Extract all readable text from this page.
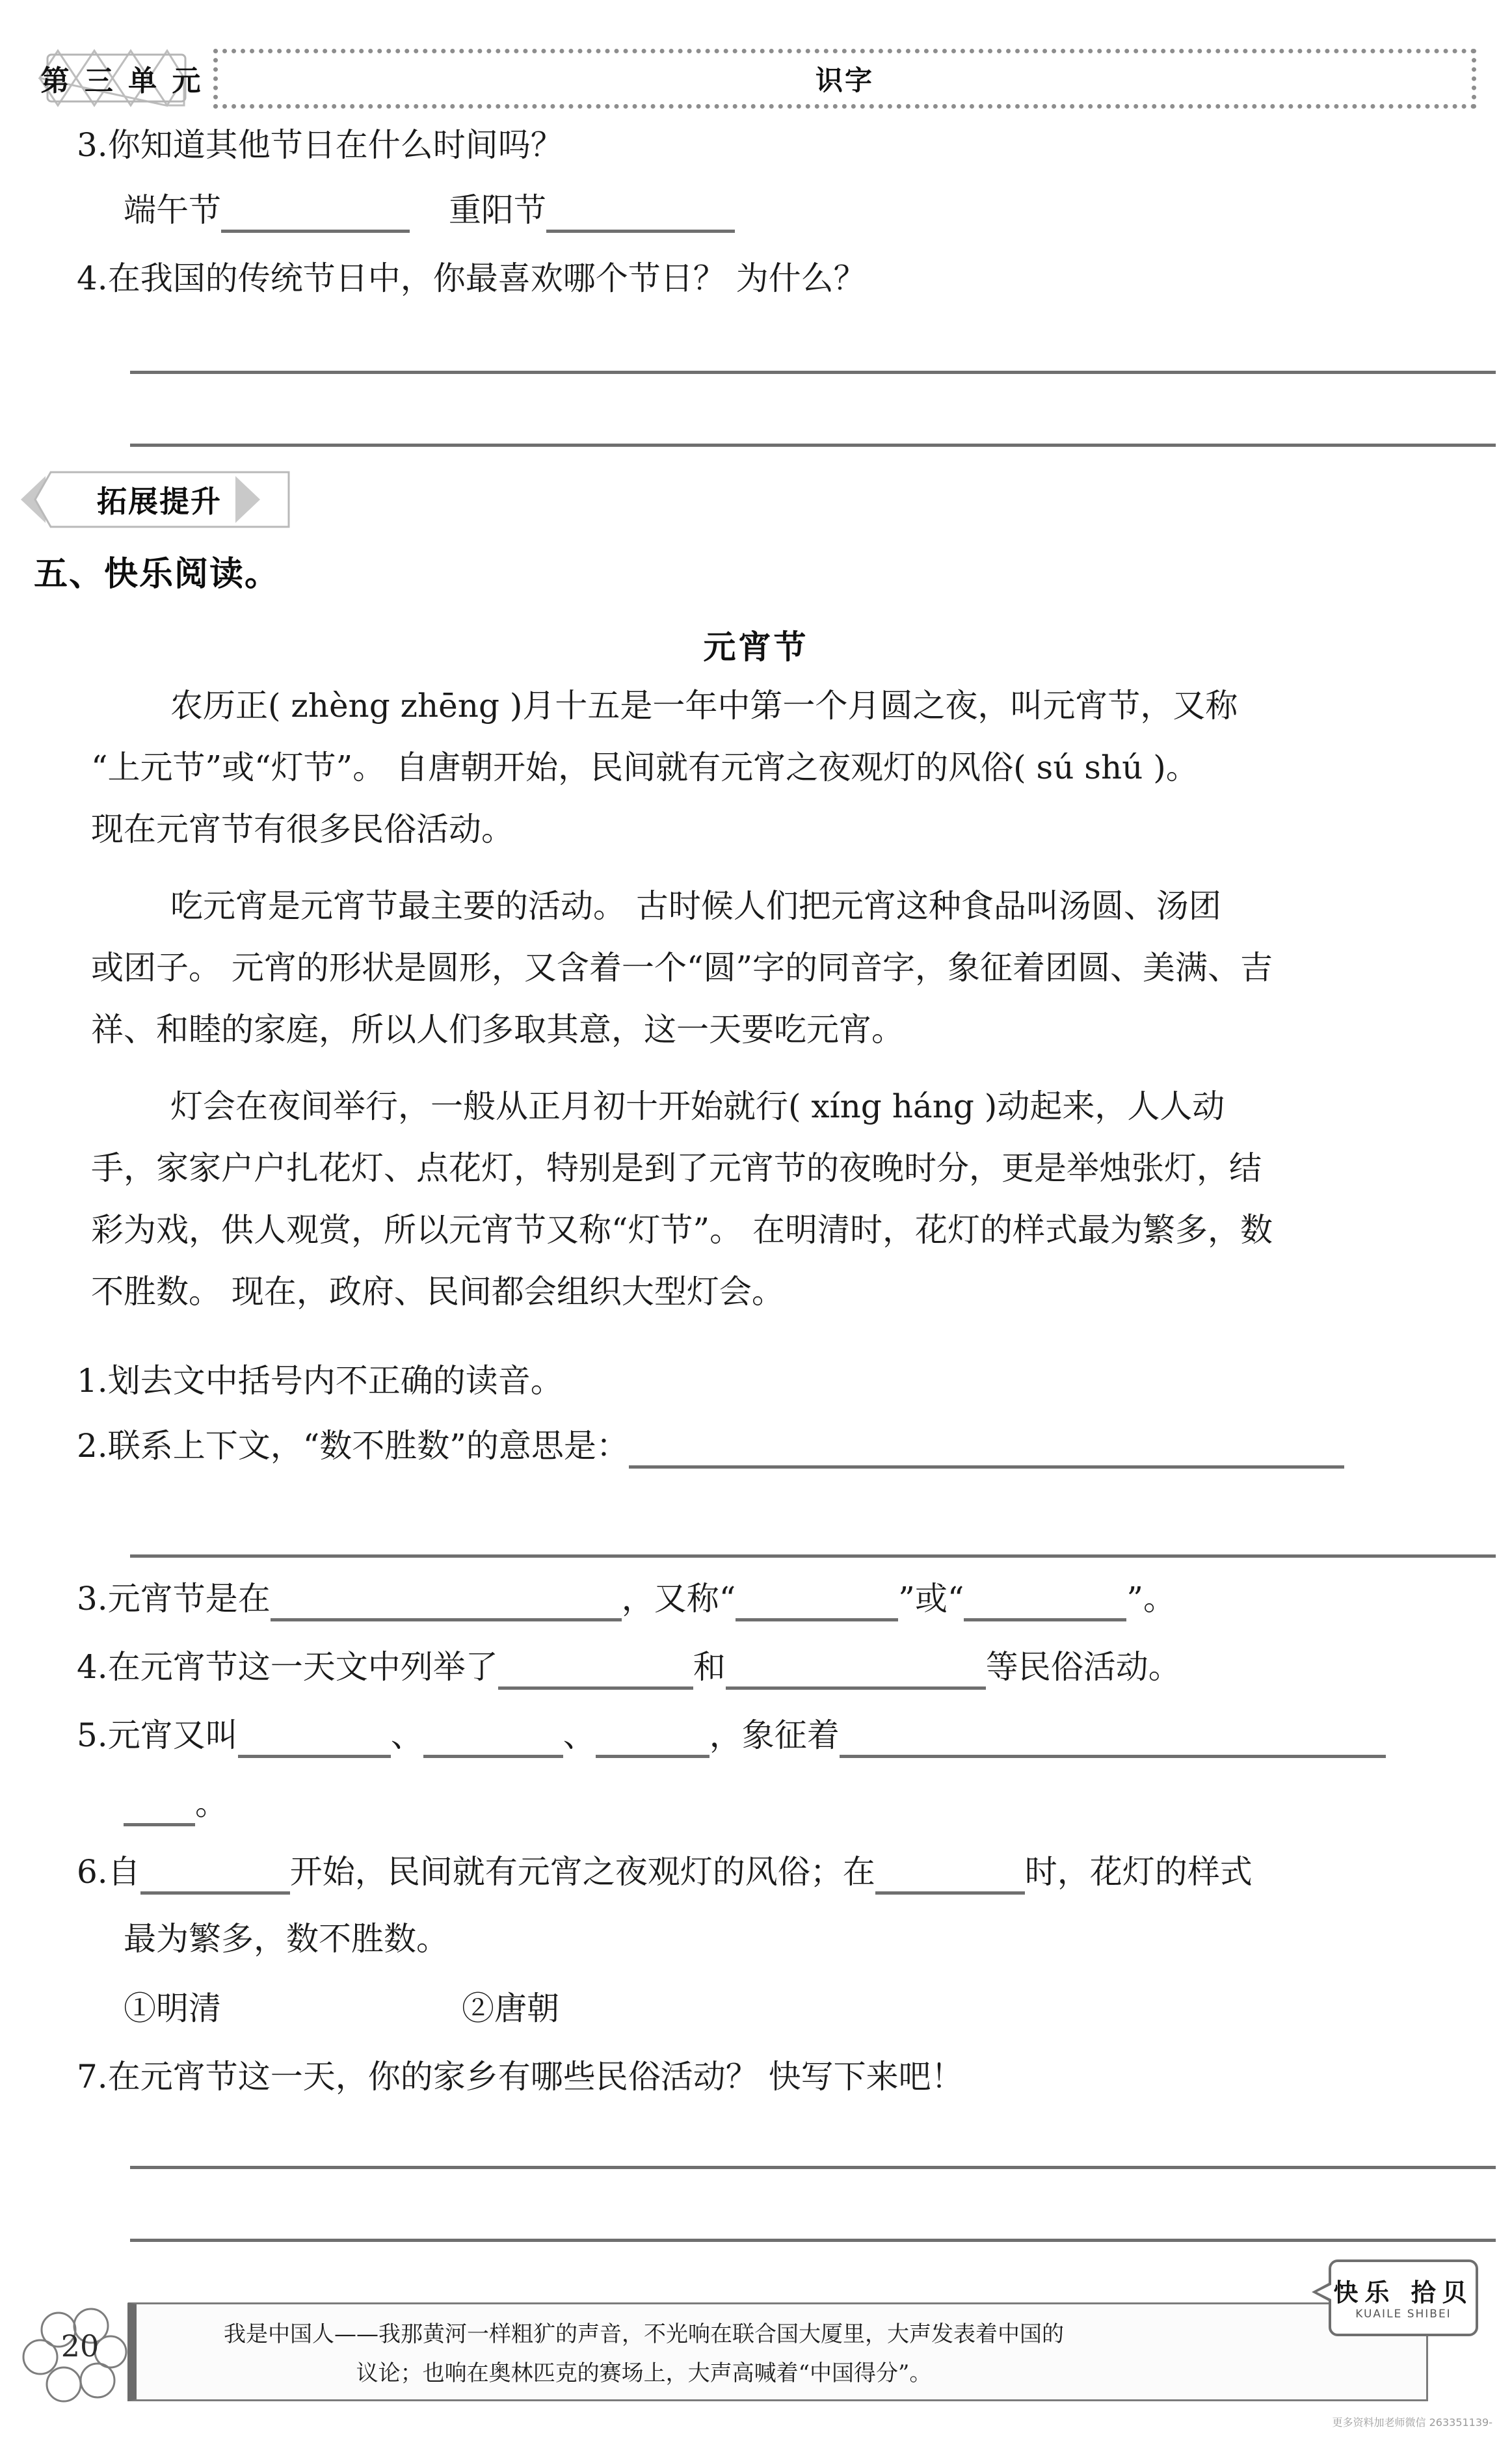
第 三 单 元	识字
3.你知道其他节日在什么时间吗？
端午节	重阳节
4.在我国的传统节日中，你最喜欢哪个节日？ 为什么？
拓展提升
五、快乐阅读。
元宵节
农历正( zhèng zhēng )月十五是一年中第一个月圆之夜，叫元宵节，又称
“上元节”或“灯节”。 自唐朝开始，民间就有元宵之夜观灯的风俗( sú shú )。
现在元宵节有很多民俗活动。
吃元宵是元宵节最主要的活动。 古时候人们把元宵这种食品叫汤圆、汤团
或团子。 元宵的形状是圆形，又含着一个“圆”字的同音字，象征着团圆、美满、吉
祥、和睦的家庭，所以人们多取其意，这一天要吃元宵。
灯会在夜间举行，一般从正月初十开始就行( xíng háng )动起来，人人动
手，家家户户扎花灯、点花灯，特别是到了元宵节的夜晚时分，更是举烛张灯，结
彩为戏，供人观赏，所以元宵节又称“灯节”。 在明清时，花灯的样式最为繁多，数
不胜数。 现在，政府、民间都会组织大型灯会。
1.划去文中括号内不正确的读音。
2.联系上下文，“数不胜数”的意思是：
3.元宵节是在	，又称“	”或“	”。
4.在元宵节这一天文中列举了	和	等民俗活动。
5.元宵又叫	、	、	，象征着
。
6.自	开始，民间就有元宵之夜观灯的风俗；在	时，花灯的样式
最为繁多，数不胜数。
①明清	②唐朝
7.在元宵节这一天，你的家乡有哪些民俗活动？ 快写下来吧！
20	我是中国人——我那黄河一样粗犷的声音，不光响在联合国大厦里，大声发表着中国的
议论；也响在奥林匹克的赛场上，大声高喊着“中国得分”。
快乐 拾贝
KUAILE SHIBEI
更多资料加老师微信 263351139-
